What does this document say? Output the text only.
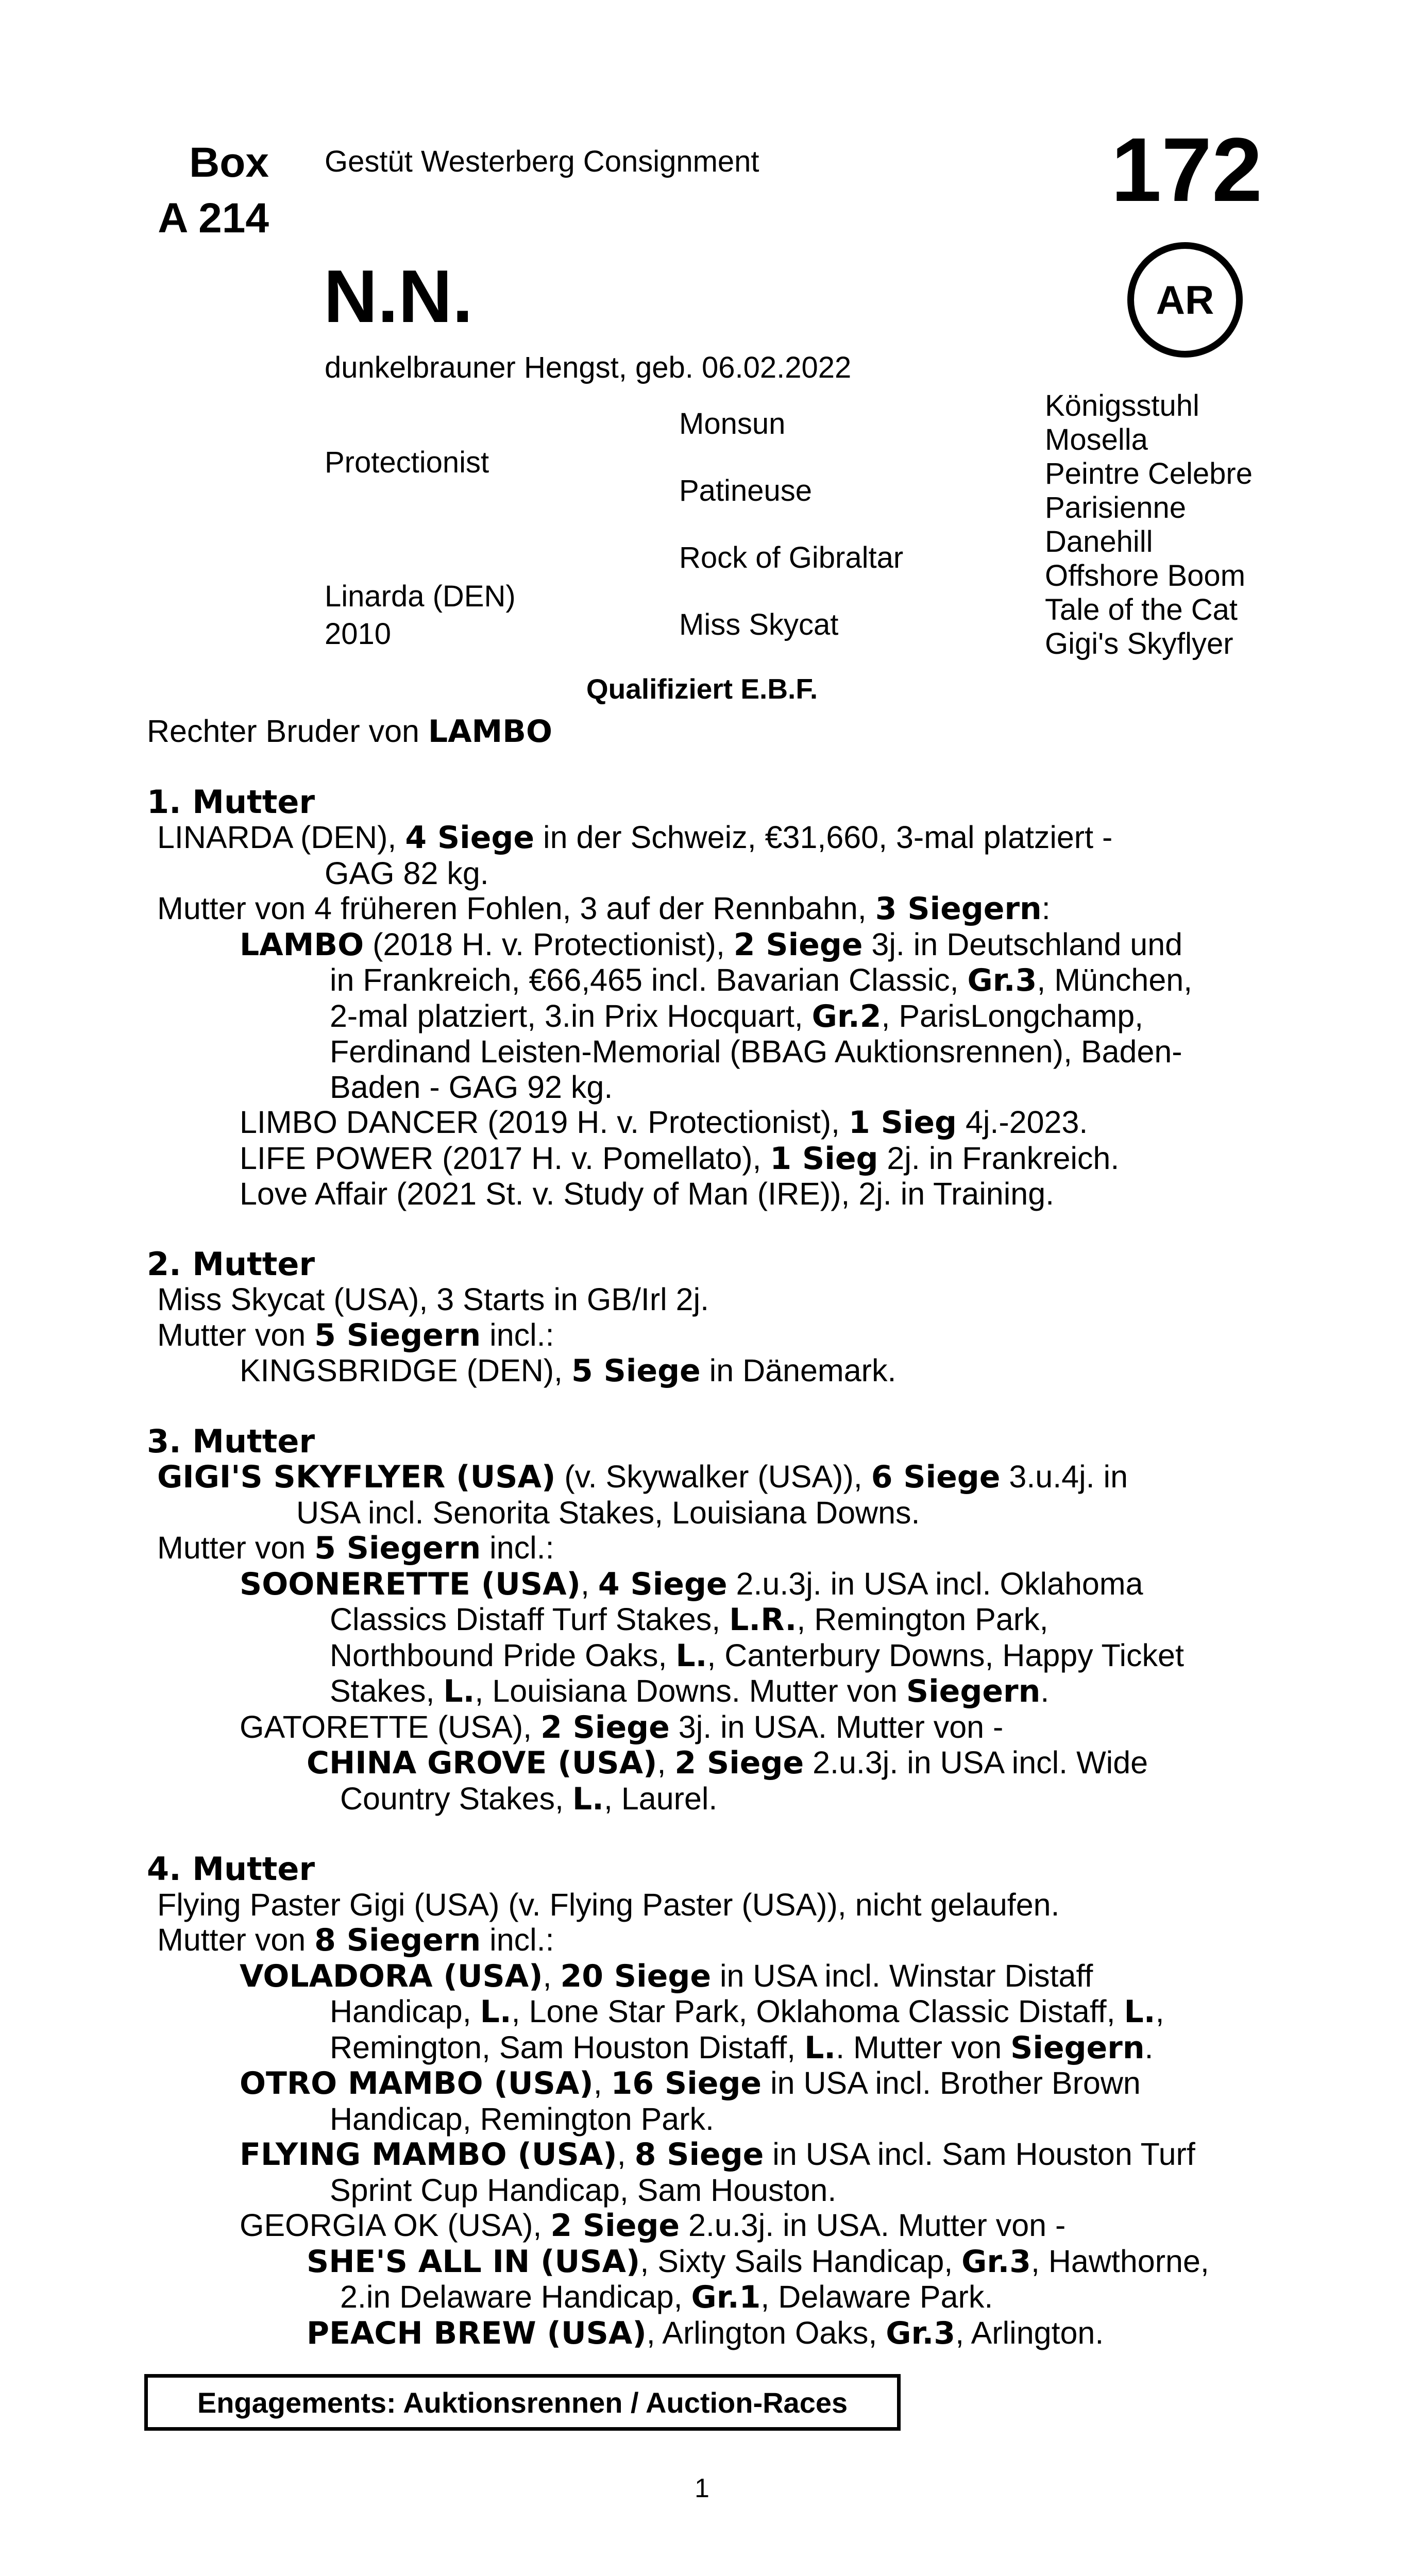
Box
A 214
Gestüt Westerberg Consignment	172
AR
N.N.
dunkelbrauner Hengst, geb. 06.02.2022
Protectionist
Linarda (DEN)
2010
Monsun
Patineuse
Rock of Gibraltar
Miss Skycat
Königsstuhl
Mosella
Peintre Celebre
Parisienne
Danehill
Offshore Boom
Tale of the Cat
Gigi's Skyflyer
Qualifiziert E.B.F.

Rechter Bruder von LAMBO

1. Mutter

LINARDA (DEN), 4 Siege in der Schweiz, €31,660, 3-mal platziert -

GAG 82 kg.

Mutter von 4 früheren Fohlen, 3 auf der Rennbahn, 3 Siegern:

LAMBO (2018 H. v. Protectionist), 2 Siege 3j. in Deutschland und

in Frankreich, €66,465 incl. Bavarian Classic, Gr.3, München,

2-mal platziert, 3.in Prix Hocquart, Gr.2, ParisLongchamp,

Ferdinand Leisten-Memorial (BBAG Auktionsrennen), Baden-

Baden - GAG 92 kg.

LIMBO DANCER (2019 H. v. Protectionist), 1 Sieg 4j.-2023.

LIFE POWER (2017 H. v. Pomellato), 1 Sieg 2j. in Frankreich.

Love Affair (2021 St. v. Study of Man (IRE)), 2j. in Training.

2. Mutter

Miss Skycat (USA), 3 Starts in GB/Irl 2j.

Mutter von 5 Siegern incl.:

KINGSBRIDGE (DEN), 5 Siege in Dänemark.

3. Mutter

GIGI'S SKYFLYER (USA) (v. Skywalker (USA)), 6 Siege 3.u.4j. in

USA incl. Senorita Stakes, Louisiana Downs.

Mutter von 5 Siegern incl.:

SOONERETTE (USA), 4 Siege 2.u.3j. in USA incl. Oklahoma

Classics Distaff Turf Stakes, L.R., Remington Park,

Northbound Pride Oaks, L., Canterbury Downs, Happy Ticket

Stakes, L., Louisiana Downs. Mutter von Siegern.

GATORETTE (USA), 2 Siege 3j. in USA. Mutter von -

CHINA GROVE (USA), 2 Siege 2.u.3j. in USA incl. Wide

Country Stakes, L., Laurel.

4. Mutter

Flying Paster Gigi (USA) (v. Flying Paster (USA)), nicht gelaufen.

Mutter von 8 Siegern incl.:

VOLADORA (USA), 20 Siege in USA incl. Winstar Distaff

Handicap, L., Lone Star Park, Oklahoma Classic Distaff, L.,

Remington, Sam Houston Distaff, L.. Mutter von Siegern.

OTRO MAMBO (USA), 16 Siege in USA incl. Brother Brown

Handicap, Remington Park.

FLYING MAMBO (USA), 8 Siege in USA incl. Sam Houston Turf

Sprint Cup Handicap, Sam Houston.

GEORGIA OK (USA), 2 Siege 2.u.3j. in USA. Mutter von -

SHE'S ALL IN (USA), Sixty Sails Handicap, Gr.3, Hawthorne,

2.in Delaware Handicap, Gr.1, Delaware Park.

PEACH BREW (USA), Arlington Oaks, Gr.3, Arlington.

Engagements: Auktionsrennen / Auction-Races
1
